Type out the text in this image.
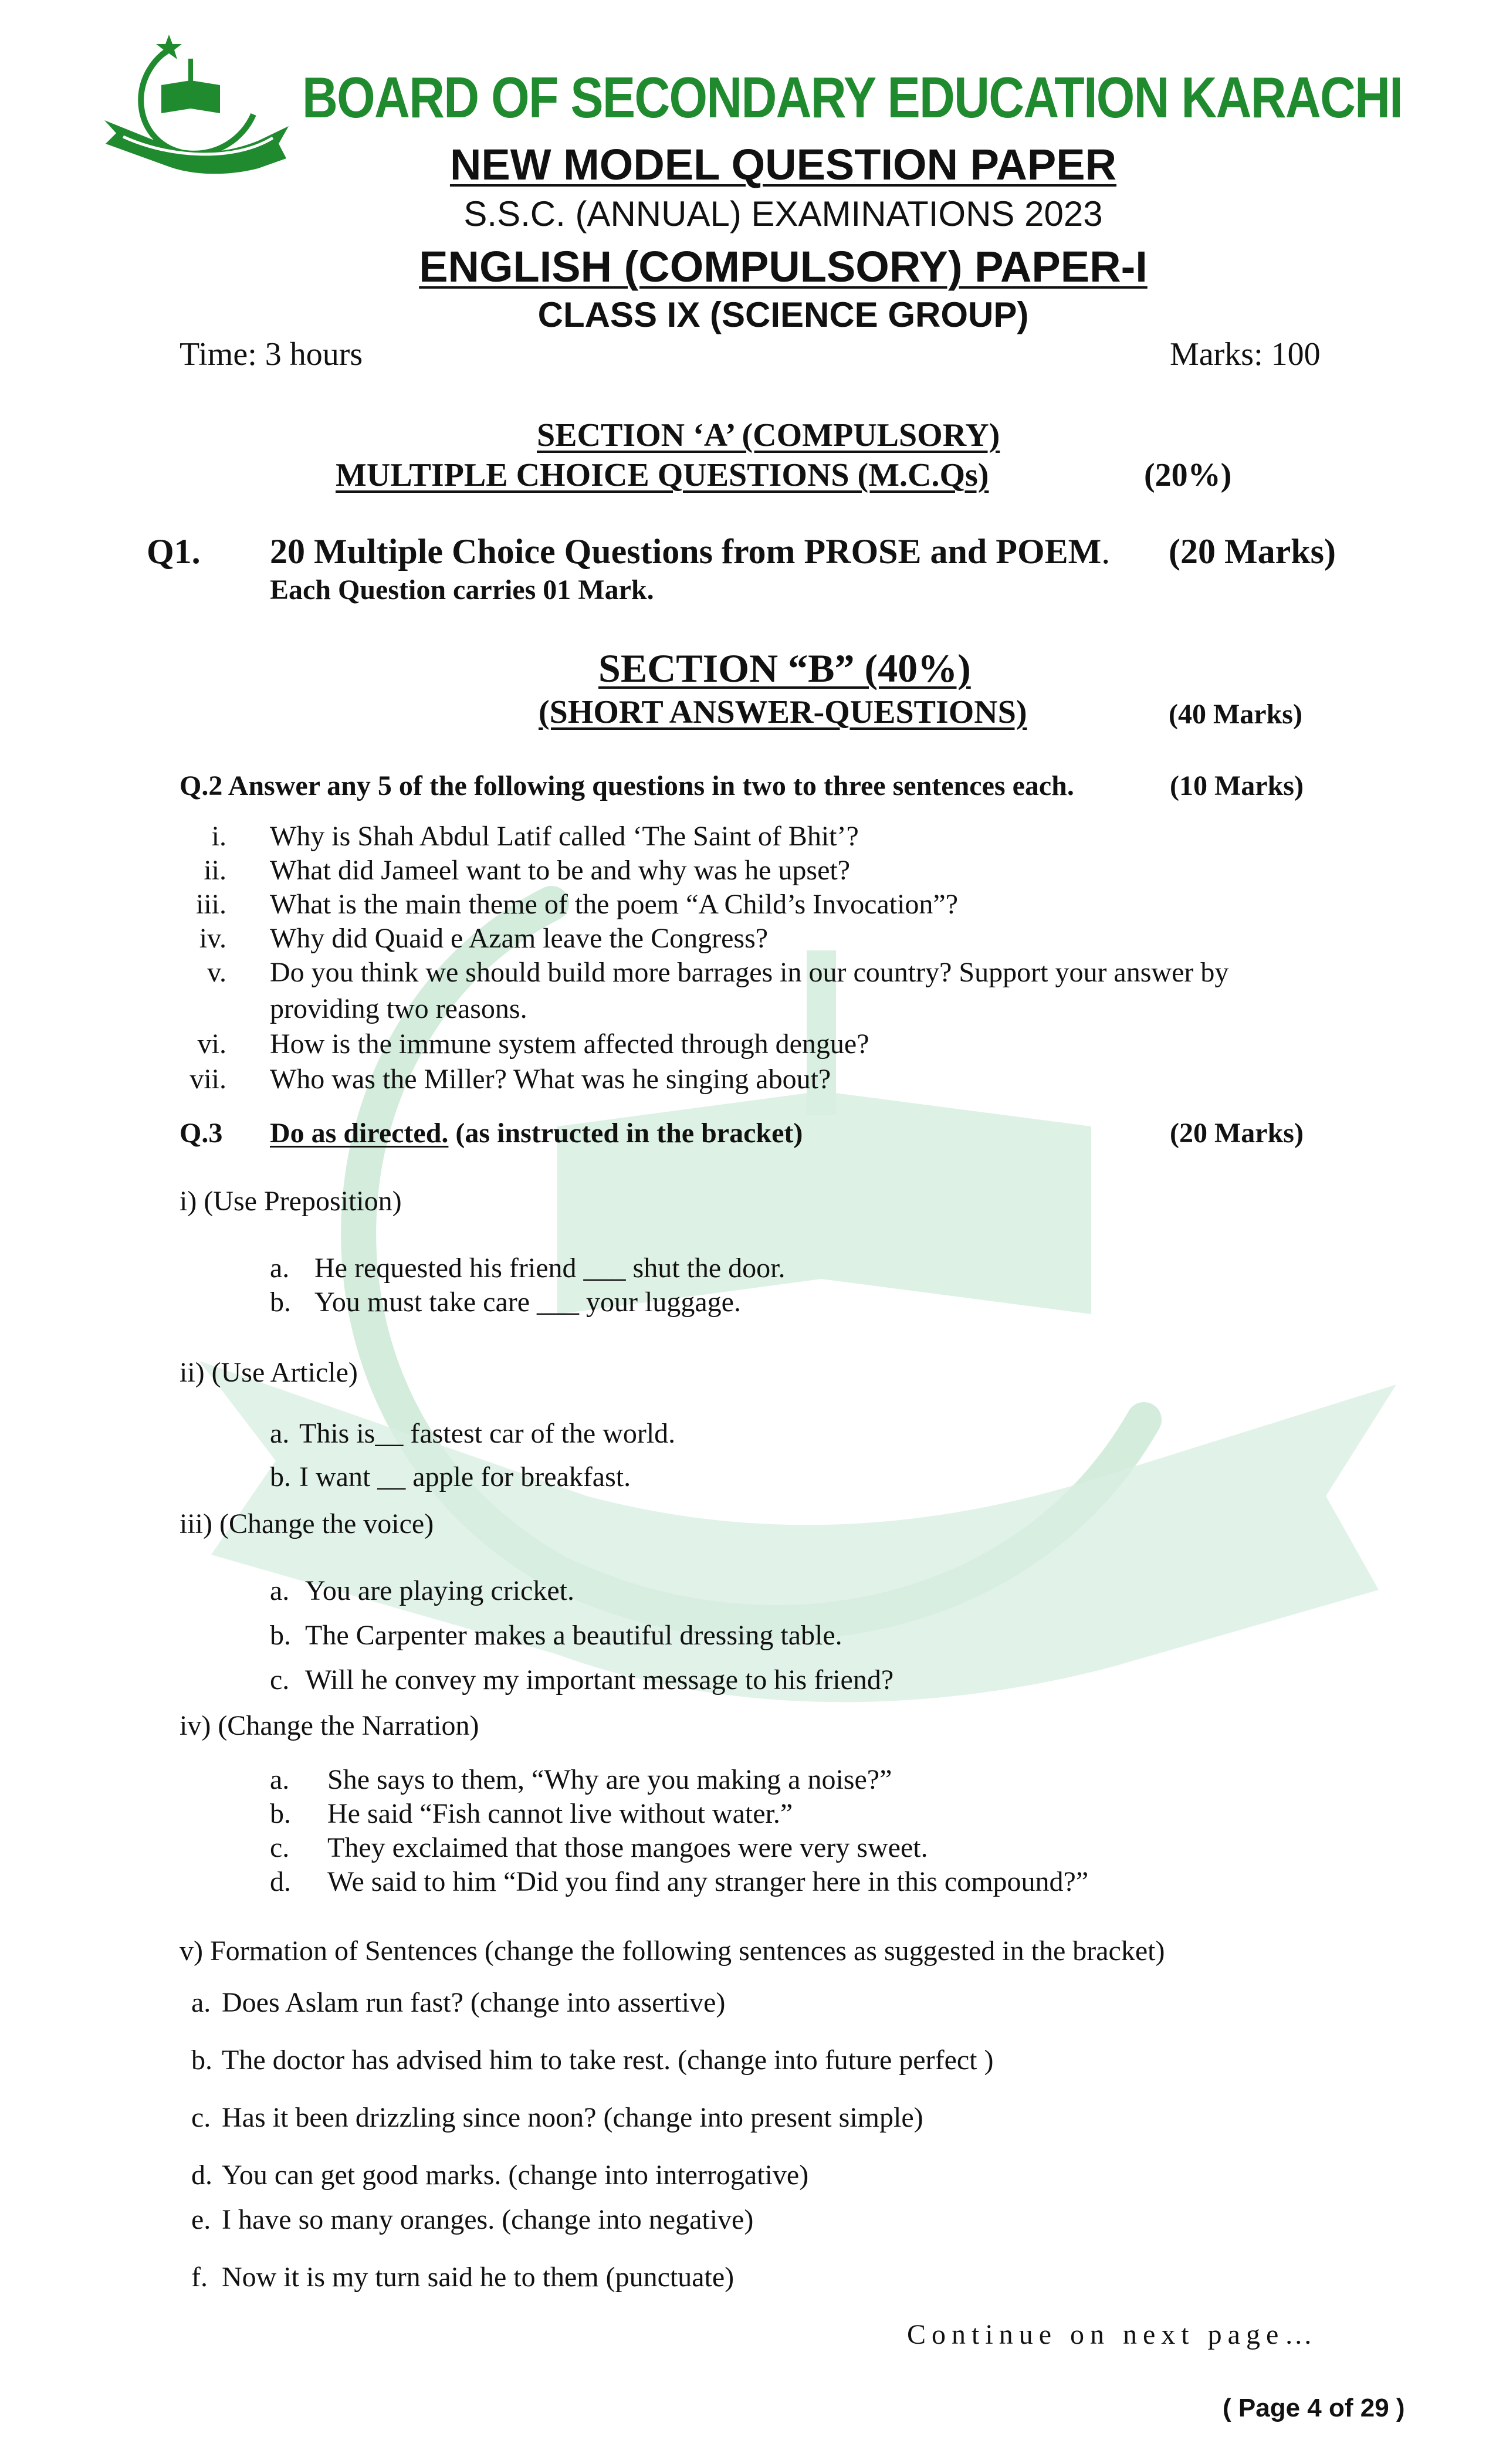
BOARD OF SECONDARY EDUCATION KARACHI
NEW MODEL QUESTION PAPER
S.S.C. (ANNUAL) EXAMINATIONS 2023
ENGLISH (COMPULSORY) PAPER-I
CLASS IX (SCIENCE GROUP)
Time: 3 hours	Marks: 100
SECTION ‘A’ (COMPULSORY)
MULTIPLE CHOICE QUESTIONS (M.C.Qs)	(20%)
Q1. 20 Multiple Choice Questions from PROSE and POEM. (20 Marks)
Each Question carries 01 Mark.
SECTION “B” (40%)
(SHORT ANSWER-QUESTIONS)	(40 Marks)
Q.2 Answer any 5 of the following questions in two to three sentences each.	(10 Marks)
i. Why is Shah Abdul Latif called ‘The Saint of Bhit’?
ii. What did Jameel want to be and why was he upset?
iii. What is the main theme of the poem “A Child’s Invocation”?
iv. Why did Quaid e Azam leave the Congress?
v. Do you think we should build more barrages in our country? Support your answer by
providing two reasons.
vi. How is the immune system affected through dengue?
vii. Who was the Miller? What was he singing about?
Q.3 Do as directed. (as instructed in the bracket)	(20 Marks)
i) (Use Preposition)
a. He requested his friend ___ shut the door.
b. You must take care ___ your luggage.
ii) (Use Article)
a. This is__ fastest car of the world.
b. I want __ apple for breakfast.
iii) (Change the voice)
a. You are playing cricket.
b. The Carpenter makes a beautiful dressing table.
c. Will he convey my important message to his friend?
iv) (Change the Narration)
a. She says to them, “Why are you making a noise?”
b. He said “Fish cannot live without water.”
c. They exclaimed that those mangoes were very sweet.
d. We said to him “Did you find any stranger here in this compound?”
v) Formation of Sentences (change the following sentences as suggested in the bracket)
a. Does Aslam run fast? (change into assertive)
b. The doctor has advised him to take rest. (change into future perfect )
c. Has it been drizzling since noon? (change into present simple)
d. You can get good marks. (change into interrogative)
e. I have so many oranges. (change into negative)
f. Now it is my turn said he to them (punctuate)
Continue on next page…
( Page 4 of 29 )
